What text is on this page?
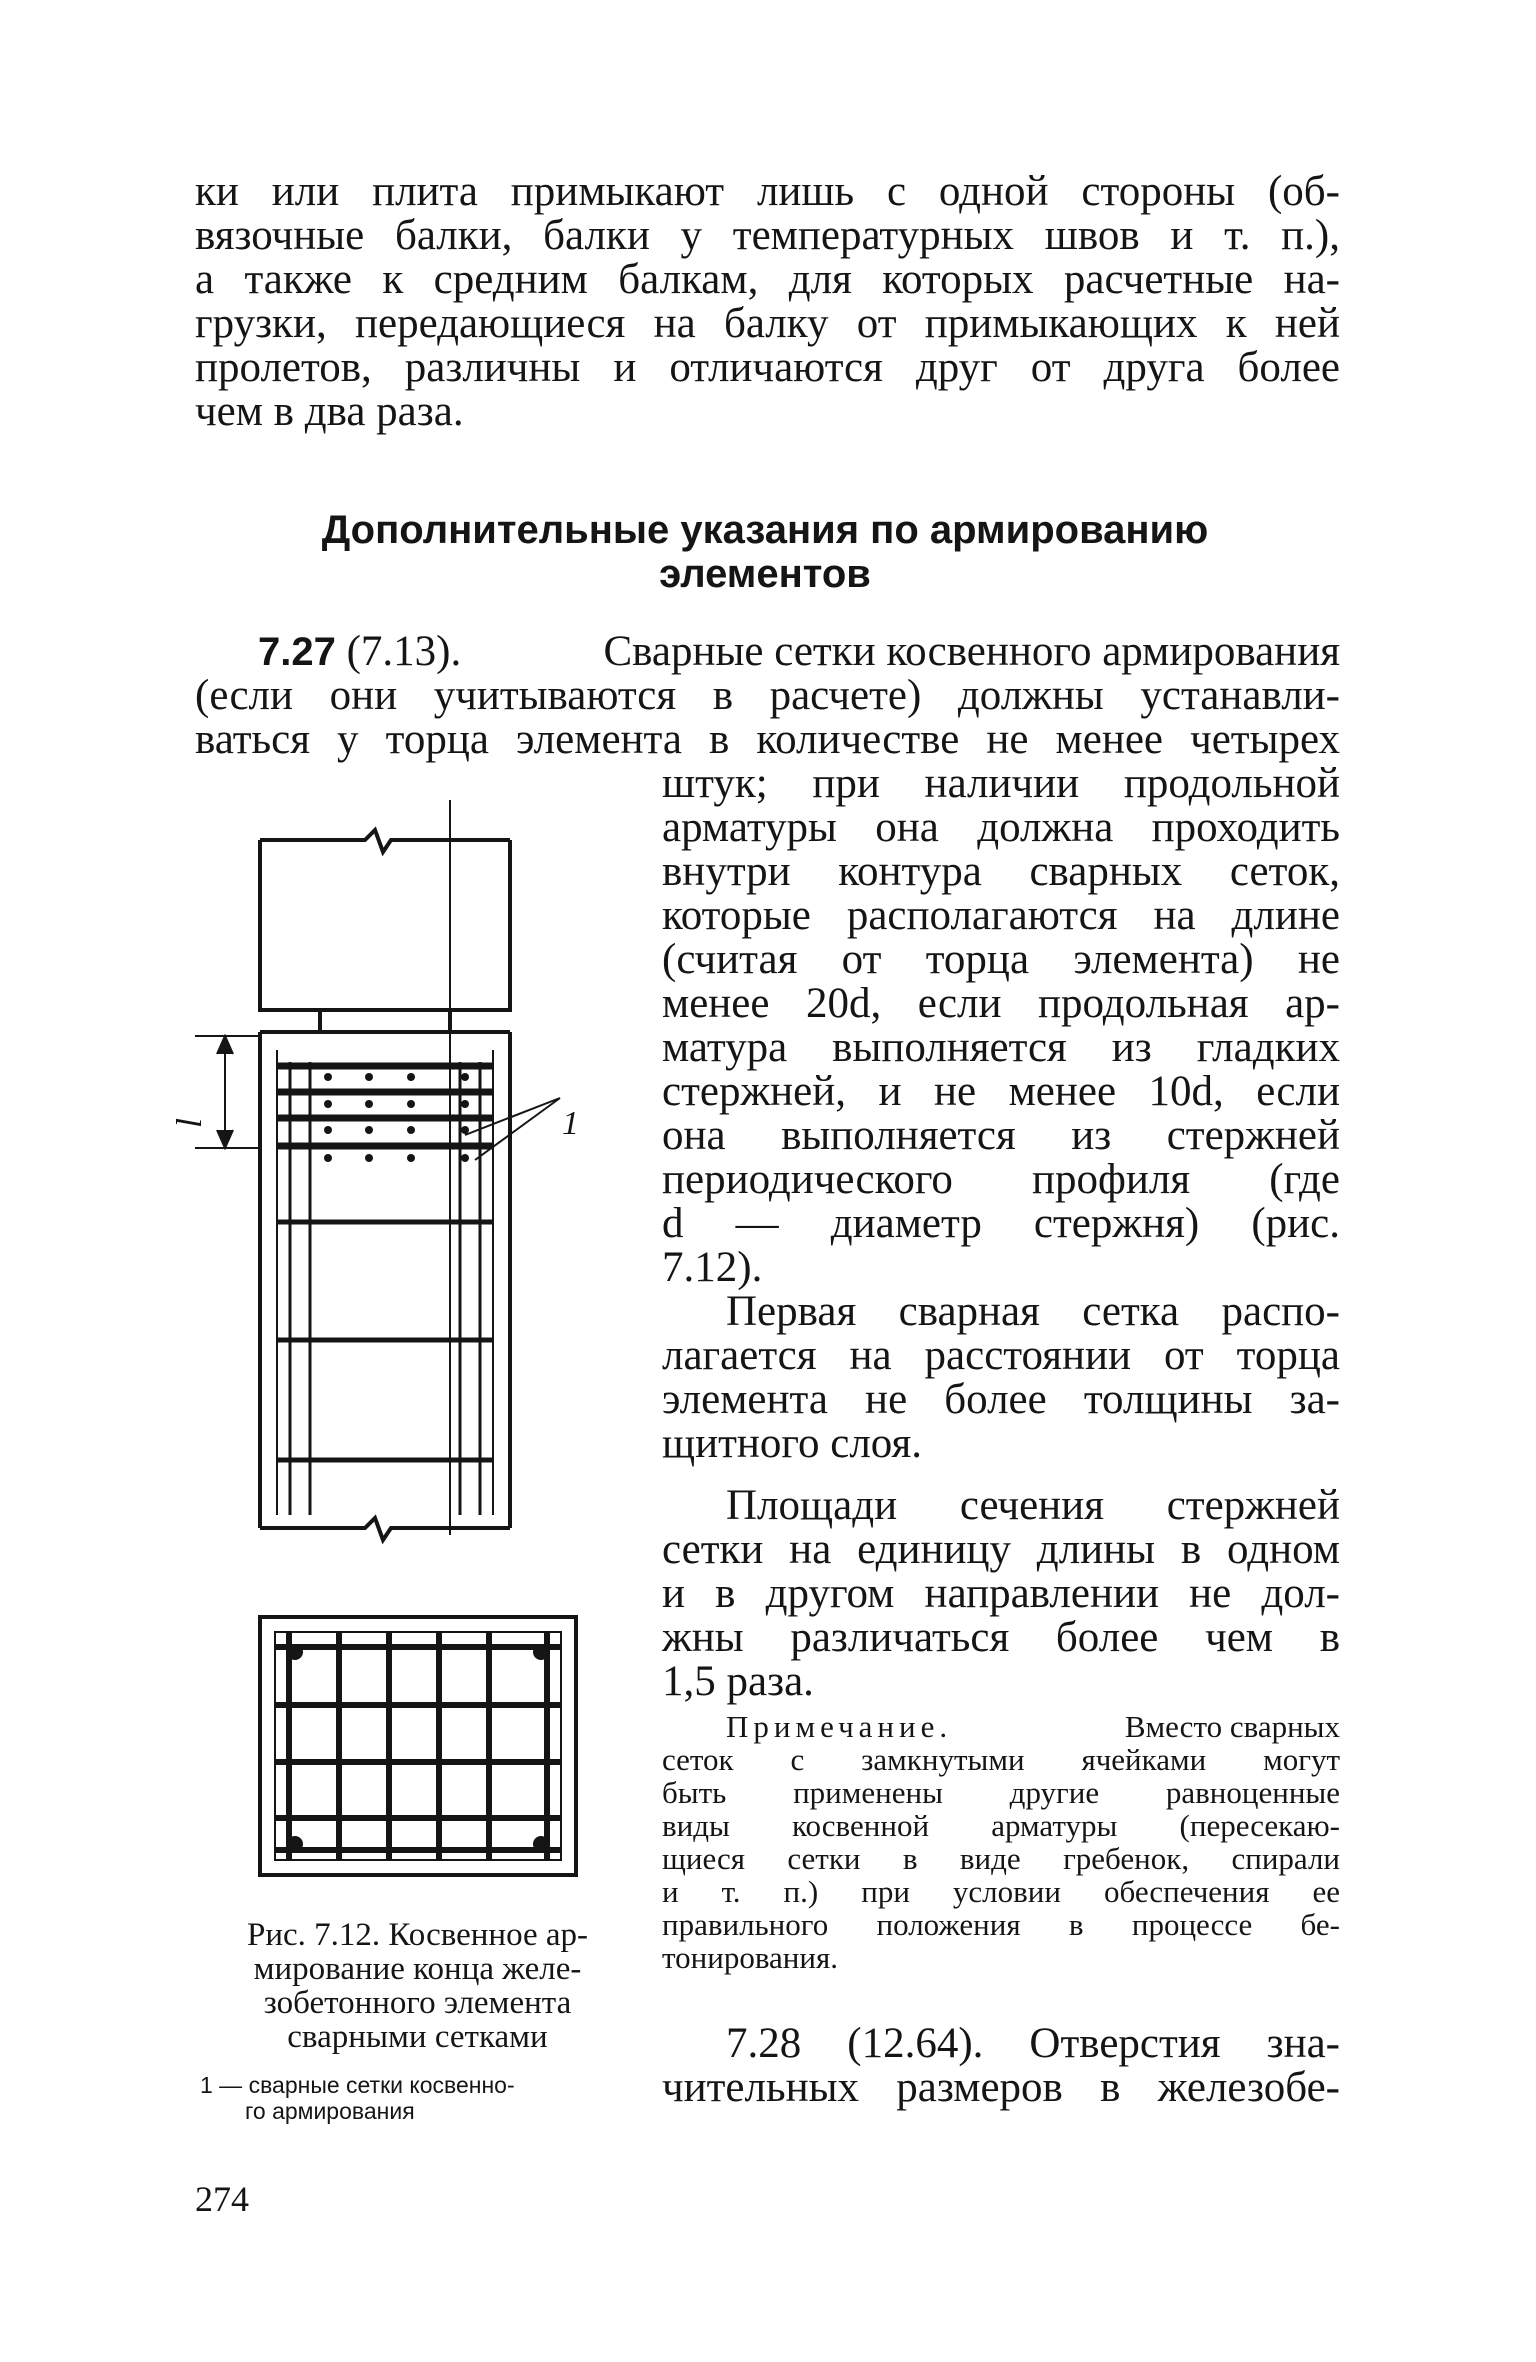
ки или плита примыкают лишь с одной стороны (об-
вязочные балки, балки у температурных швов и т. п.),
а также к средним балкам, для которых расчетные на-
грузки, передающиеся на балку от примыкающих к ней
пролетов, различны и отличаются друг от друга более
чем в два раза.
Дополнительные указания по армированию
элементов
7.27 (7.13).	Сварные сетки косвенного армирования
(если они учитываются в расчете) должны устанавли-
ваться у торца элемента в количестве не менее четырех
штук; при наличии продольной
арматуры она должна проходить
внутри контура сварных сеток,
которые располагаются на длине
(считая от торца элемента) не
менее 20d, если продольная ар-
матура выполняется из гладких
стержней, и не менее 10d, если
она выполняется из стержней
периодического профиля (где
d — диаметр стержня) (рис.
7.12).
Первая сварная сетка распо-
лагается на расстоянии от торца
элемента не более толщины за-
щитного слоя.
Площади сечения стержней
сетки на единицу длины в одном
и в другом направлении не дол-
жны различаться более чем в
1,5 раза.
Примечание.	Вместо сварных
сеток с замкнутыми ячейками могут
быть применены другие равноценные
виды косвенной арматуры (пересекаю-
щиеся сетки в виде гребенок, спирали
и т. п.) при условии обеспечения ее
правильного положения в процессе бе-
тонирования.
7.28 (12.64). Отверстия зна-
чительных размеров в железобе-
1
l
Рис. 7.12. Косвенное ар-
мирование конца желе-
зобетонного элемента
сварными сетками
1 — сварные сетки косвенно-
го армирования
274
